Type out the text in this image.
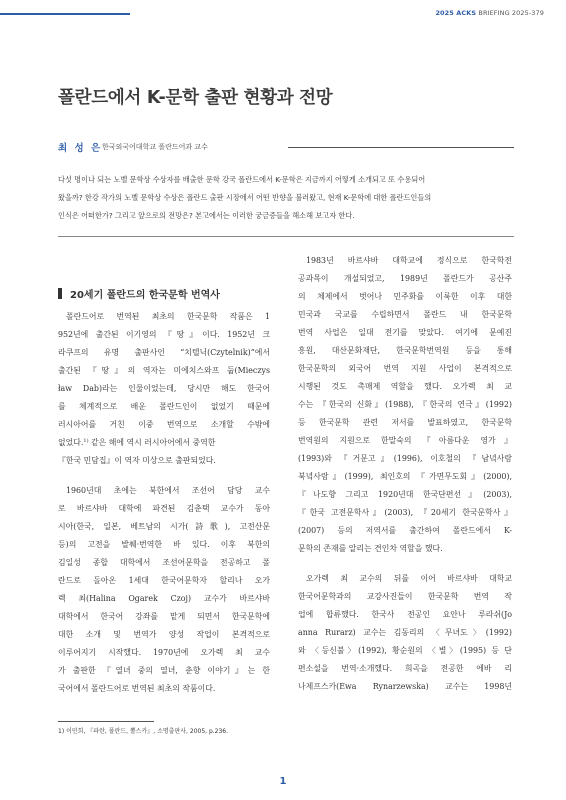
2025 ACKS BRIEFING 2025-379
폴란드에서 K-문학 출판 현황과 전망
최 성 은 한국외국어대학교 폴란드어과 교수
다섯 명이나 되는 노벨 문학상 수상자를 배출한 문학 강국 폴란드에서 K-문학은 지금까지 어떻게 소개되고 또 수용되어
왔을까? 한강 작가의 노벨 문학상 수상은 폴란드 출판 시장에서 어떤 반향을 불러왔고, 현재 K-문학에 대한 폴란드인들의
인식은 어떠한가? 그리고 앞으로의 전망은? 본고에서는 이러한 궁금증들을 해소해 보고자 한다.
20세기 폴란드의 한국문학 번역사
폴란드어로 번역된 최초의 한국문학 작품은 1
952년에 출간된 이기영의 『땅』이다. 1952년 크
라쿠프의 유명 출판사인 “치텔닉(Czytelnik)”에서
출간된 『땅』의 역자는 미에치스와프 둡(Mieczys
ław Dab)라는 인물이었는데, 당시만 해도 한국어
를 체계적으로 배운 폴란드인이 없었기 때문에
러시아어를 거친 이중 번역으로 소개할 수밖에
없었다.$^{1)}$ 같은 해에 역시 러시아어에서 중역한
『한국 민담집』이 역자 미상으로 출판되었다.
1960년대 초에는 북한에서 조선어 담당 교수
로 바르샤바 대학에 파견된 김춘택 교수가 동아
시아(한국, 일본, 베트남의 시가(詩歌), 고전산문
등)의 고전을 발췌·번역한 바 있다. 이후 북한의
김일성 종합 대학에서 조선어문학을 전공하고 폴
란드로 돌아온 1세대 한국어문학자 할리나 오가
렉 최(Halina Ogarek Czoj) 교수가 바르샤바
대학에서 한국어 강좌를 맡게 되면서 한국문학에
대한 소개 및 번역가 양성 작업이 본격적으로
이루어지기 시작했다. 1970년에 오가렉 최 교수
가 출판한 『열녀 중의 열녀, 춘향 이야기』는 한
국어에서 폴란드어로 번역된 최초의 작품이다.
1) 이민희, 『파란, 폴란드, 뽈스카』, 소명출판사, 2005, p.236.
1983년 바르샤바 대학교에 정식으로 한국학전
공과목이 개설되었고, 1989년 폴란드가 공산주
의 체제에서 벗어나 민주화를 이룩한 이후 대한
민국과 국교를 수립하면서 폴란드 내 한국문학
번역 사업은 일대 전기를 맞았다. 여기에 문예진
흥원, 대산문화재단, 한국문학번역원 등을 통해
한국문학의 외국어 번역 지원 사업이 본격적으로
시행된 것도 촉매제 역할을 했다. 오가렉 최 교
수는 『한국의 신화』(1988), 『한국의 연극』(1992)
등 한국문학 관련 저서를 발표하였고, 한국문학
번역원의 지원으로 한말숙의 『아름다운 영가』
(1993)와 『거문고』(1996), 이호철의 『남녘사람
북녘사람』(1999), 최인호의 『가면무도회』(2000),
『나도향 그리고 1920년대 한국단편선』(2003),
『한국 고전문학사』(2003), 『20세기 한국문학사』
(2007) 등의 저역서를 출간하여 폴란드에서 K-
문학의 존재를 알리는 견인차 역할을 했다.
오가렉 최 교수의 뒤를 이어 바르샤바 대학교
한국어문학과의 교강사진들이 한국문학 번역 작
업에 합류했다. 한국사 전공인 요안나 루라쉬(Jo
anna Rurarz) 교수는 김동리의 〈무녀도〉(1992)
와 〈등신불〉(1992), 황순원의 〈별〉(1995) 등 단
편소설을 번역·소개했다. 희곡을 전공한 에바 리
나제프스카(Ewa Rynarzewska) 교수는 1998년
1
